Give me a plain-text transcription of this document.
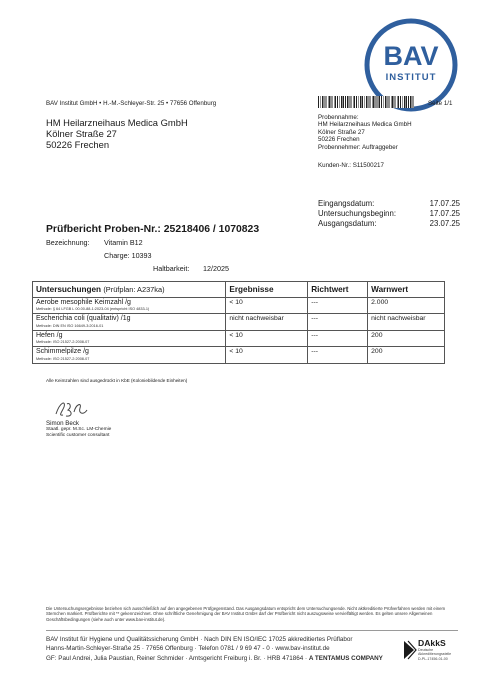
BAV
INSTITUT
BAV Institut GmbH • H.-M.-Schleyer-Str. 25 • 77656 Offenburg	Seite 1/1
HM Heilarzneihaus Medica GmbH
Kölner Straße 27
50226 Frechen
Probennahme:
HM Heilarzneihaus Medica GmbH
Kölner Straße 27
50226 Frechen
Probennehmer: Auftraggeber
Kunden-Nr.: S11500217
Eingangsdatum:	17.07.25
Untersuchungsbeginn:	17.07.25
Ausgangsdatum:	23.07.25
Prüfbericht Proben-Nr.: 25218406 / 1070823
Bezeichnung: Vitamin B12
Charge: 10393
Haltbarkeit: 12/2025
Untersuchungen (Prüfplan: A237ka)	Ergebnisse	Richtwert	Warnwert

Aerobe mesophile Keimzahl /g
Methode: § 64 LFGB L 00.00-88-1:2023-04 (entspricht ISO 4833-1)	< 10	---	2.000

Escherichia coli (qualitativ) /1g
Methode: DIN EN ISO 16649-3:2016-01	nicht nachweisbar	---	nicht nachweisbar

Hefen /g
Methode: ISO 21527-2:2008-07	< 10	---	200

Schimmelpilze /g
Methode: ISO 21527-2:2008-07	< 10	---	200
Alle Keimzahlen sind ausgedrückt in KbE (Koloniebildende Einheiten)
Simon Beck
Staatl. gepr. M.Sc. LM-Chemie
Scientific customer consultant
Die Untersuchungsergebnisse beziehen sich ausschließlich auf den angegebenen Prüfgegenstand. Das Ausgangsdatum entspricht dem Untersuchungsende. Nicht aktkreditierte Prüfverfahren werden mit einem Sternchen markiert. Prüfberichte mit ** gekennzeichnet. Ohne schriftliche Genehmigung der BAV Institut GmbH darf der Prüfbericht nicht auszugsweise vervielfältigt werden. Es gelten unsere Allgemeinen Geschäftsbedingungen (siehe auch unter www.bav-institut.de).
BAV Institut für Hygiene und Qualitätssicherung GmbH · Nach DIN EN ISO/IEC 17025 akkreditiertes Prüflabor
Hanns-Martin-Schleyer-Straße 25 · 77656 Offenburg · Telefon 0781 / 9 69 47 - 0 · www.bav-institut.de
GF: Paul Andrei, Julia Paustian, Reiner Schmider · Amtsgericht Freiburg i. Br. · HRB 471864 · A TENTAMUS COMPANY
DAkkS
Deutsche
Akkreditierungsstelle
D-PL-17456-01-00
